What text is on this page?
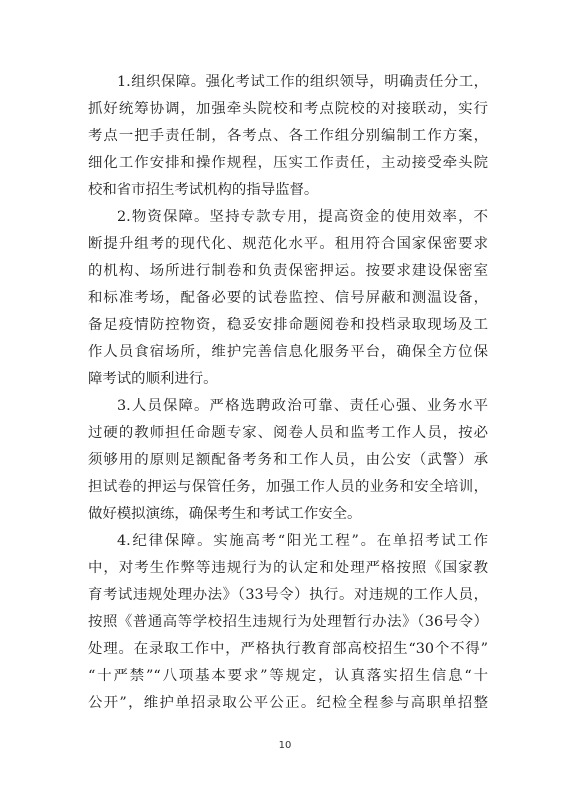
1.组织保障。强化考试工作的组织领导，明确责任分工，
抓好统筹协调，加强牵头院校和考点院校的对接联动，实行
考点一把手责任制，各考点、各工作组分别编制工作方案，
细化工作安排和操作规程，压实工作责任，主动接受牵头院
校和省市招生考试机构的指导监督。
2.物资保障。坚持专款专用，提高资金的使用效率，不
断提升组考的现代化、规范化水平。租用符合国家保密要求
的机构、场所进行制卷和负责保密押运。按要求建设保密室
和标准考场，配备必要的试卷监控、信号屏蔽和测温设备，
备足疫情防控物资，稳妥安排命题阅卷和投档录取现场及工
作人员食宿场所，维护完善信息化服务平台，确保全方位保
障考试的顺利进行。
3.人员保障。严格选聘政治可靠、责任心强、业务水平
过硬的教师担任命题专家、阅卷人员和监考工作人员，按必
须够用的原则足额配备考务和工作人员，由公安（武警）承
担试卷的押运与保管任务，加强工作人员的业务和安全培训，
做好模拟演练，确保考生和考试工作安全。
4.纪律保障。实施高考“阳光工程”。在单招考试工作
中，对考生作弊等违规行为的认定和处理严格按照《国家教
育考试违规处理办法》（33号令）执行。对违规的工作人员，
按照《普通高等学校招生违规行为处理暂行办法》（36号令）
处理。在录取工作中，严格执行教育部高校招生“30个不得”
“十严禁”“八项基本要求”等规定，认真落实招生信息“十
公开”，维护单招录取公平公正。纪检全程参与高职单招整
10
